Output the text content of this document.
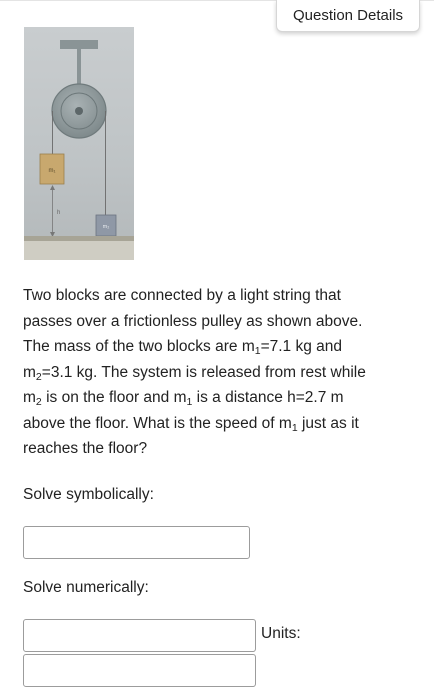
Question Details
m₁
h
m₂

Two blocks are connected by a light string that
passes over a frictionless pulley as shown above.
The mass of the two blocks are $m_1=7.1$ kg and
$m_2=3.1$ kg. The system is released from rest while
$m_2$ is on the floor and $m_1$ is a distance h=2.7 m
above the floor. What is the speed of $m_1$ just as it
reaches the floor?

Solve symbolically:
Solve numerically:
Units:
